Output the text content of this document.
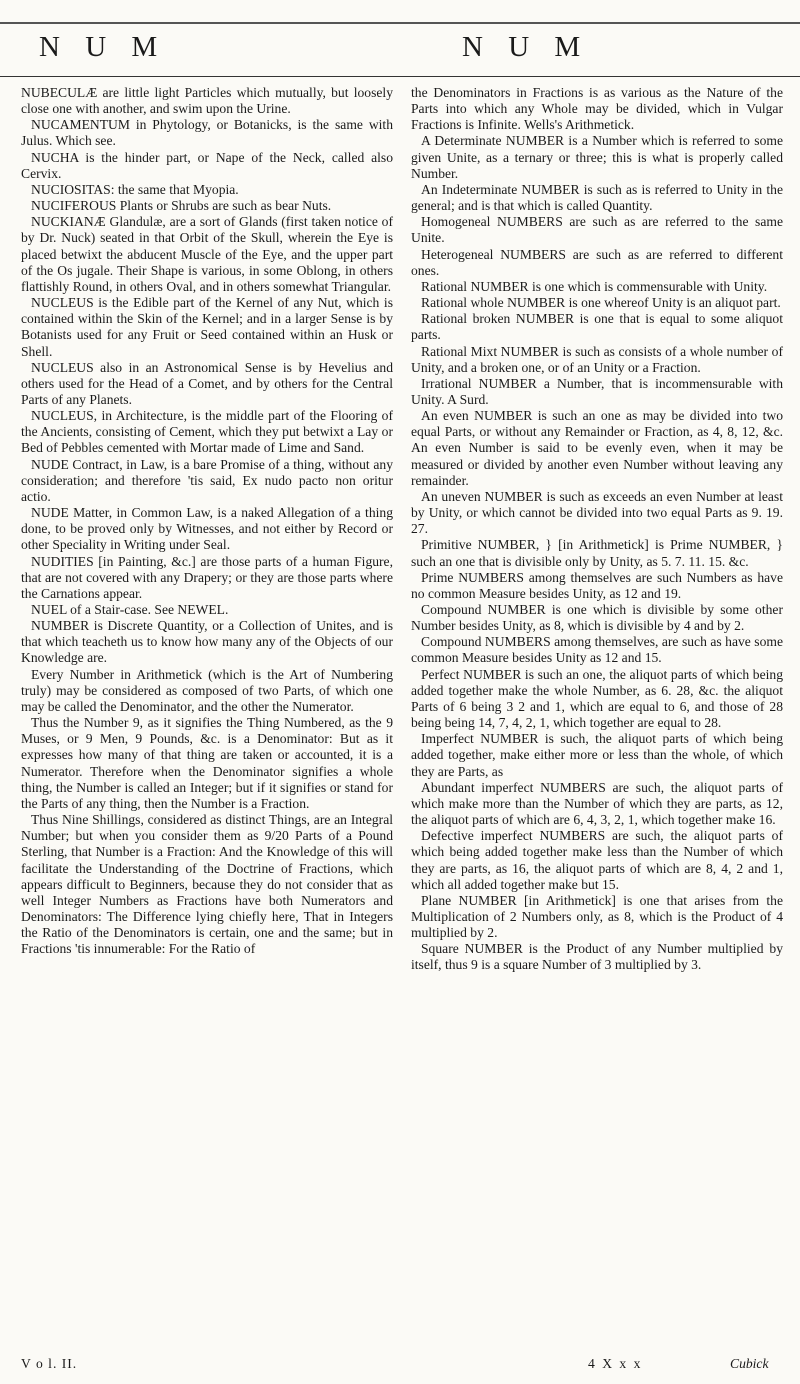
N U M	N U M

NUBECULÆ are little light Particles which mutually, but loosely close one with another, and swim upon the Urine.

NUCAMENTUM in Phytology, or Botanicks, is the same with Julus. Which see.

NUCHA is the hinder part, or Nape of the Neck, called also Cervix.

NUCIOSITAS: the same that Myopia.

NUCIFEROUS Plants or Shrubs are such as bear Nuts.

NUCKIANÆ Glandulæ, are a sort of Glands (first taken notice of by Dr. Nuck) seated in that Orbit of the Skull, wherein the Eye is placed betwixt the abducent Muscle of the Eye, and the upper part of the Os jugale. Their Shape is various, in some Oblong, in others flattishly Round, in others Oval, and in others somewhat Triangular.

NUCLEUS is the Edible part of the Kernel of any Nut, which is contained within the Skin of the Kernel; and in a larger Sense is by Botanists used for any Fruit or Seed contained within an Husk or Shell.

NUCLEUS also in an Astronomical Sense is by Hevelius and others used for the Head of a Comet, and by others for the Central Parts of any Planets.

NUCLEUS, in Architecture, is the middle part of the Flooring of the Ancients, consisting of Cement, which they put betwixt a Lay or Bed of Pebbles cemented with Mortar made of Lime and Sand.

NUDE Contract, in Law, is a bare Promise of a thing, without any consideration; and therefore 'tis said, Ex nudo pacto non oritur actio.

NUDE Matter, in Common Law, is a naked Allegation of a thing done, to be proved only by Witnesses, and not either by Record or other Speciality in Writing under Seal.

NUDITIES [in Painting, &c.] are those parts of a human Figure, that are not covered with any Drapery; or they are those parts where the Carnations appear.

NUEL of a Stair-case. See NEWEL.

NUMBER is Discrete Quantity, or a Collection of Unites, and is that which teacheth us to know how many any of the Objects of our Knowledge are.

Every Number in Arithmetick (which is the Art of Numbering truly) may be considered as composed of two Parts, of which one may be called the Denominator, and the other the Numerator.

Thus the Number 9, as it signifies the Thing Numbered, as the 9 Muses, or 9 Men, 9 Pounds, &c. is a Denominator: But as it expresses how many of that thing are taken or accounted, it is a Numerator. Therefore when the Denominator signifies a whole thing, the Number is called an Integer; but if it signifies or stand for the Parts of any thing, then the Number is a Fraction.

Thus Nine Shillings, considered as distinct Things, are an Integral Number; but when you consider them as 9/20 Parts of a Pound Sterling, that Number is a Fraction: And the Knowledge of this will facilitate the Understanding of the Doctrine of Fractions, which appears difficult to Beginners, because they do not consider that as well Integer Numbers as Fractions have both Numerators and Denominators: The Difference lying chiefly here, That in Integers the Ratio of the Denominators is certain, one and the same; but in Fractions 'tis innumerable: For the Ratio of

the Denominators in Fractions is as various as the Nature of the Parts into which any Whole may be divided, which in Vulgar Fractions is Infinite. Wells's Arithmetick.

A Determinate NUMBER is a Number which is referred to some given Unite, as a ternary or three; this is what is properly called Number.

An Indeterminate NUMBER is such as is referred to Unity in the general; and is that which is called Quantity.

Homogeneal NUMBERS are such as are referred to the same Unite.

Heterogeneal NUMBERS are such as are referred to different ones.

Rational NUMBER is one which is commensurable with Unity.

Rational whole NUMBER is one whereof Unity is an aliquot part.

Rational broken NUMBER is one that is equal to some aliquot parts.

Rational Mixt NUMBER is such as consists of a whole number of Unity, and a broken one, or of an Unity or a Fraction.

Irrational NUMBER a Number, that is incommensurable with Unity. A Surd.

An even NUMBER is such an one as may be divided into two equal Parts, or without any Remainder or Fraction, as 4, 8, 12, &c. An even Number is said to be evenly even, when it may be measured or divided by another even Number without leaving any remainder.

An uneven NUMBER is such as exceeds an even Number at least by Unity, or which cannot be divided into two equal Parts as 9. 19. 27.

Primitive NUMBER, } [in Arithmetick] is Prime NUMBER, } such an one that is divisible only by Unity, as 5. 7. 11. 15. &c.

Prime NUMBERS among themselves are such Numbers as have no common Measure besides Unity, as 12 and 19.

Compound NUMBER is one which is divisible by some other Number besides Unity, as 8, which is divisible by 4 and by 2.

Compound NUMBERS among themselves, are such as have some common Measure besides Unity as 12 and 15.

Perfect NUMBER is such an one, the aliquot parts of which being added together make the whole Number, as 6. 28, &c. the aliquot Parts of 6 being 3 2 and 1, which are equal to 6, and those of 28 being being 14, 7, 4, 2, 1, which together are equal to 28.

Imperfect NUMBER is such, the aliquot parts of which being added together, make either more or less than the whole, of which they are Parts, as

Abundant imperfect NUMBERS are such, the aliquot parts of which make more than the Number of which they are parts, as 12, the aliquot parts of which are 6, 4, 3, 2, 1, which together make 16.

Defective imperfect NUMBERS are such, the aliquot parts of which being added together make less than the Number of which they are parts, as 16, the aliquot parts of which are 8, 4, 2 and 1, which all added together make but 15.

Plane NUMBER [in Arithmetick] is one that arises from the Multiplication of 2 Numbers only, as 8, which is the Product of 4 multiplied by 2.

Square NUMBER is the Product of any Number multiplied by itself, thus 9 is a square Number of 3 multiplied by 3.

V o l. II.	4 X x x	Cubick
